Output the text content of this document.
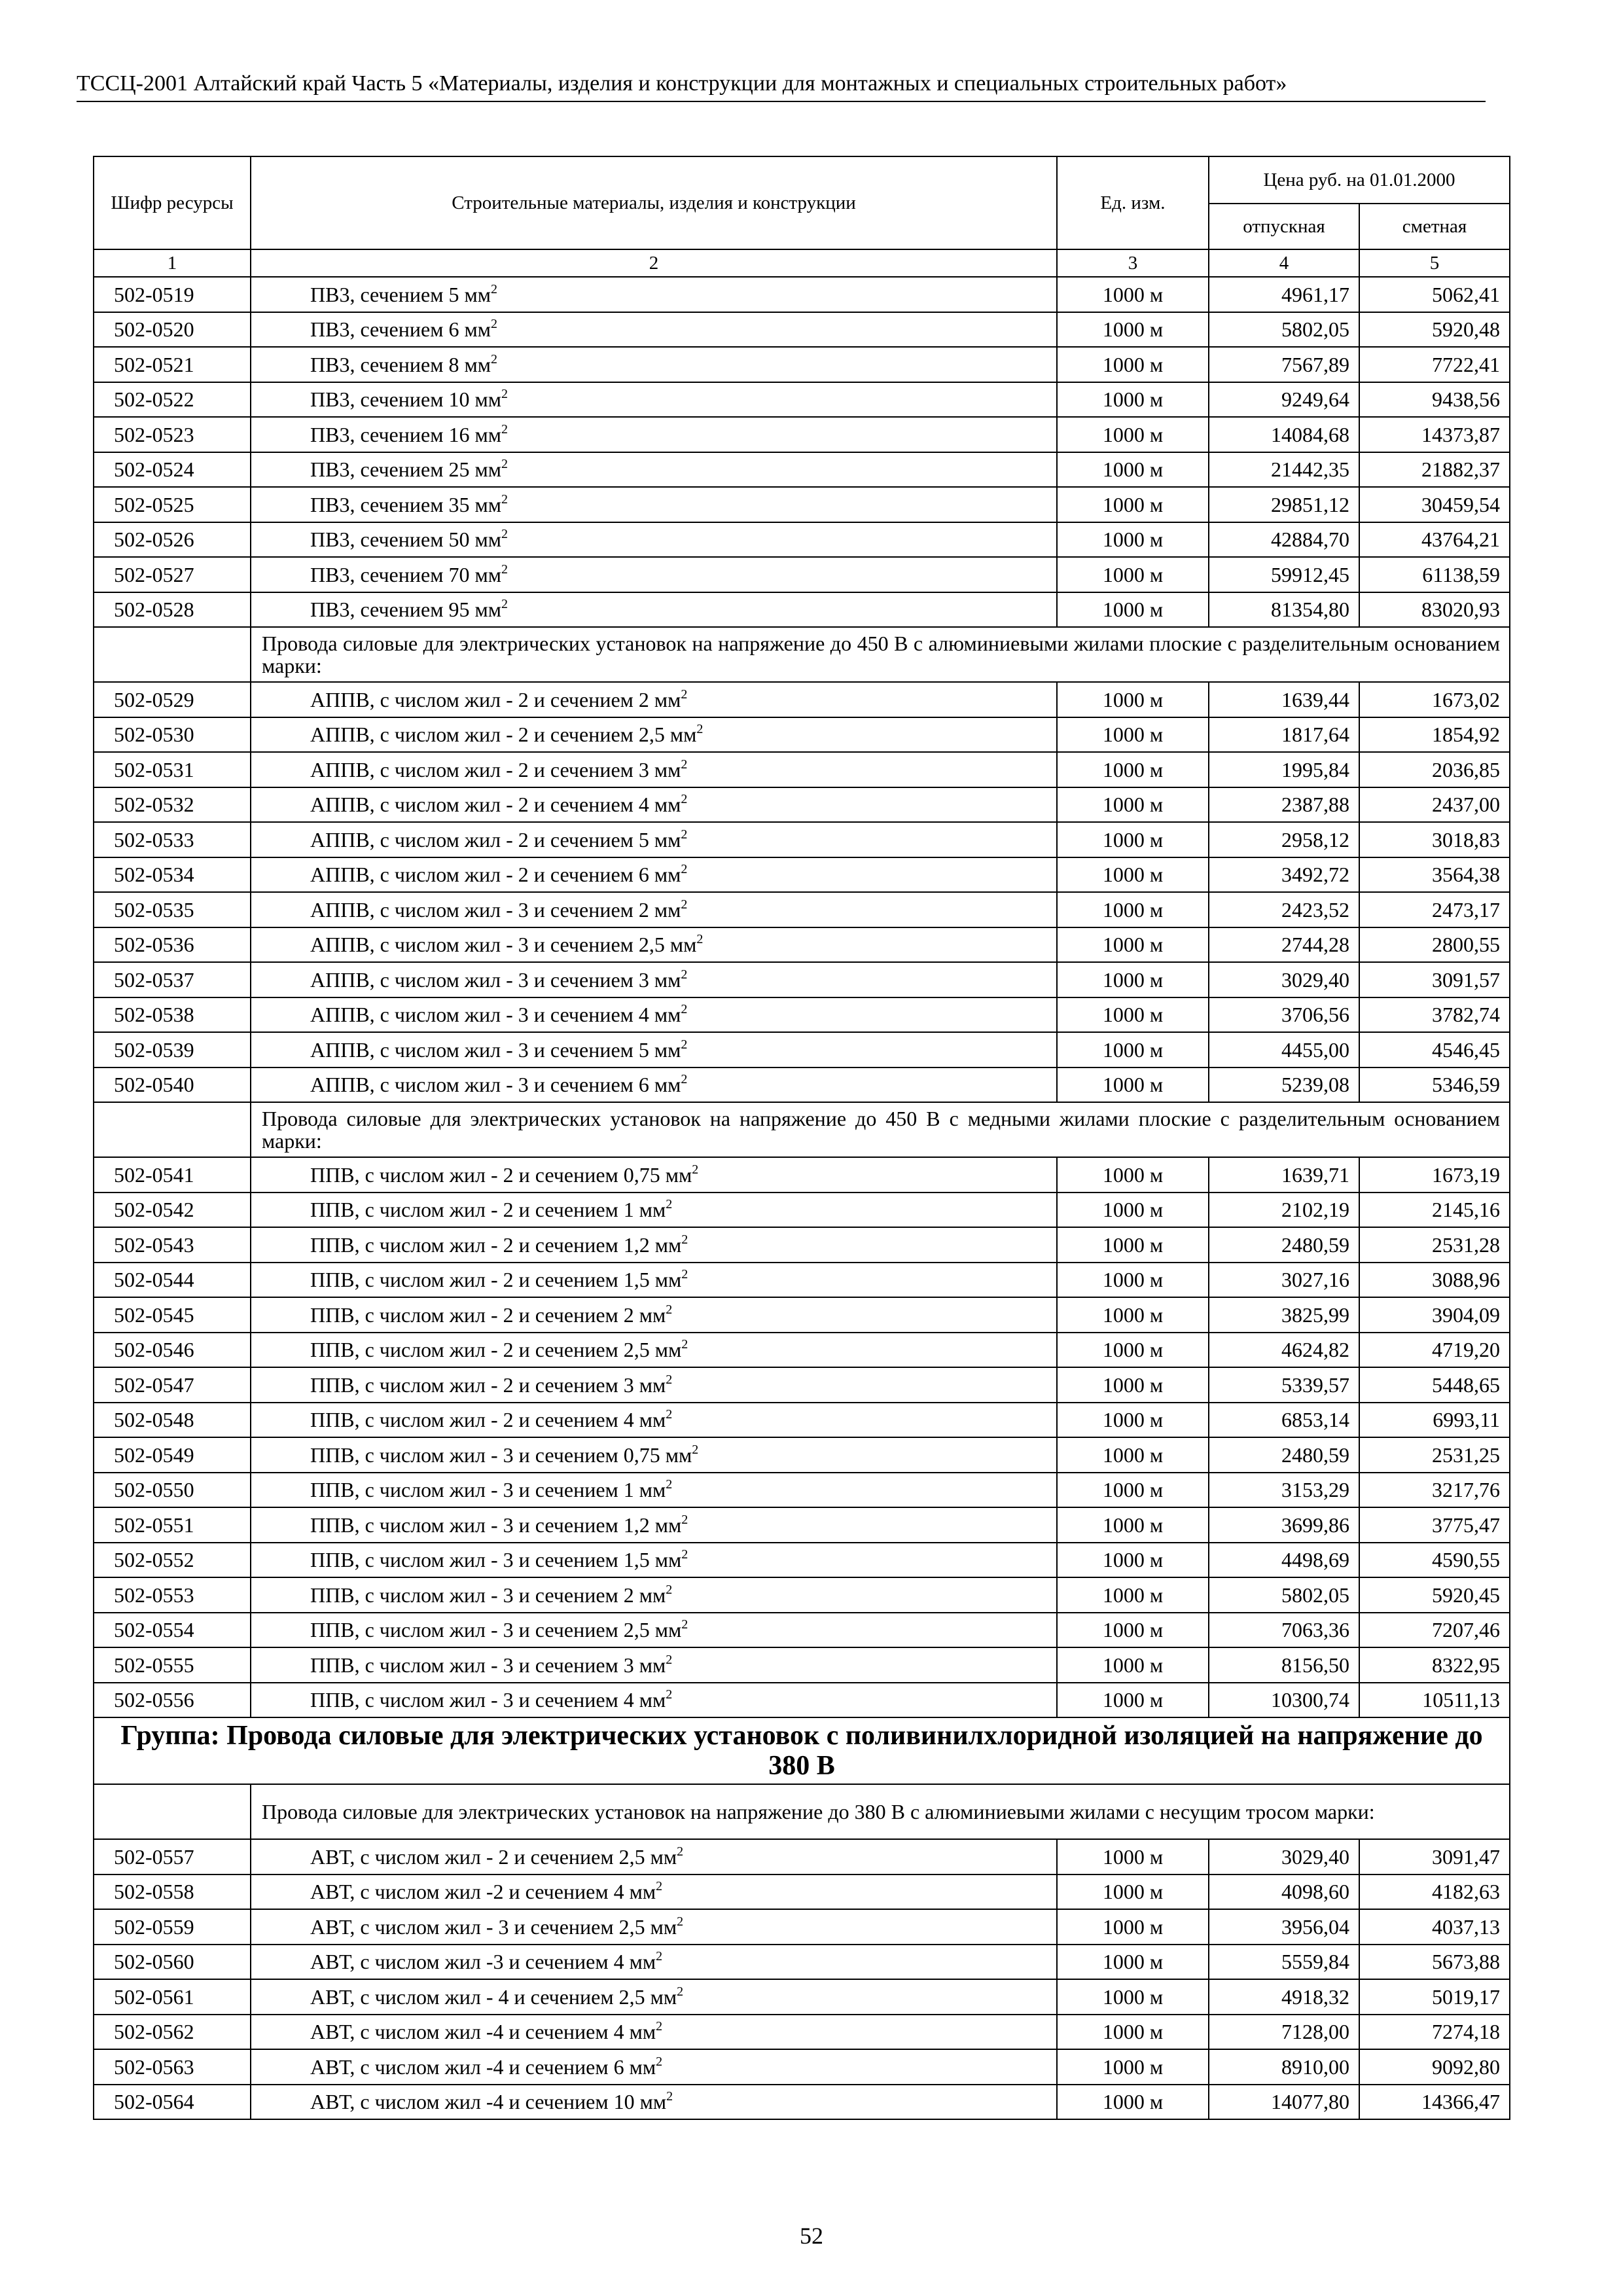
ТССЦ-2001 Алтайский край Часть 5 «Материалы, изделия и конструкции для монтажных и специальных строительных работ»
Шифр ресурсы	Строительные материалы, изделия и конструкции	Ед. изм.	Цена руб. на 01.01.2000	
			отпускная	сметная
1	2	3	4	5
502-0519	ПВ3, сечением 5 $мм^2$	1000 м	4961,17	5062,41
502-0520	ПВ3, сечением 6 $мм^2$	1000 м	5802,05	5920,48
502-0521	ПВ3, сечением 8 $мм^2$	1000 м	7567,89	7722,41
502-0522	ПВ3, сечением 10 $мм^2$	1000 м	9249,64	9438,56
502-0523	ПВ3, сечением 16 $мм^2$	1000 м	14084,68	14373,87
502-0524	ПВ3, сечением 25 $мм^2$	1000 м	21442,35	21882,37
502-0525	ПВ3, сечением 35 $мм^2$	1000 м	29851,12	30459,54
502-0526	ПВ3, сечением 50 $мм^2$	1000 м	42884,70	43764,21
502-0527	ПВ3, сечением 70 $мм^2$	1000 м	59912,45	61138,59
502-0528	ПВ3, сечением 95 $мм^2$	1000 м	81354,80	83020,93
	Провода силовые для электрических установок на напряжение до 450 В с алюминиевыми жилами плоские с разделительным основанием марки:			
502-0529	АППВ, с числом жил - 2 и сечением 2 $мм^2$	1000 м	1639,44	1673,02
502-0530	АППВ, с числом жил - 2 и сечением 2,5 $мм^2$	1000 м	1817,64	1854,92
502-0531	АППВ, с числом жил - 2 и сечением 3 $мм^2$	1000 м	1995,84	2036,85
502-0532	АППВ, с числом жил - 2 и сечением 4 $мм^2$	1000 м	2387,88	2437,00
502-0533	АППВ, с числом жил - 2 и сечением 5 $мм^2$	1000 м	2958,12	3018,83
502-0534	АППВ, с числом жил - 2 и сечением 6 $мм^2$	1000 м	3492,72	3564,38
502-0535	АППВ, с числом жил - 3 и сечением 2 $мм^2$	1000 м	2423,52	2473,17
502-0536	АППВ, с числом жил - 3 и сечением 2,5 $мм^2$	1000 м	2744,28	2800,55
502-0537	АППВ, с числом жил - 3 и сечением 3 $мм^2$	1000 м	3029,40	3091,57
502-0538	АППВ, с числом жил - 3 и сечением 4 $мм^2$	1000 м	3706,56	3782,74
502-0539	АППВ, с числом жил - 3 и сечением 5 $мм^2$	1000 м	4455,00	4546,45
502-0540	АППВ, с числом жил - 3 и сечением 6 $мм^2$	1000 м	5239,08	5346,59
	Провода силовые для электрических установок на напряжение до 450 В с медными жилами плоские с разделительным основанием марки:			
502-0541	ППВ, с числом жил - 2 и сечением 0,75 $мм^2$	1000 м	1639,71	1673,19
502-0542	ППВ, с числом жил - 2 и сечением 1 $мм^2$	1000 м	2102,19	2145,16
502-0543	ППВ, с числом жил - 2 и сечением 1,2 $мм^2$	1000 м	2480,59	2531,28
502-0544	ППВ, с числом жил - 2 и сечением 1,5 $мм^2$	1000 м	3027,16	3088,96
502-0545	ППВ, с числом жил - 2 и сечением 2 $мм^2$	1000 м	3825,99	3904,09
502-0546	ППВ, с числом жил - 2 и сечением 2,5 $мм^2$	1000 м	4624,82	4719,20
502-0547	ППВ, с числом жил - 2 и сечением 3 $мм^2$	1000 м	5339,57	5448,65
502-0548	ППВ, с числом жил - 2 и сечением 4 $мм^2$	1000 м	6853,14	6993,11
502-0549	ППВ, с числом жил - 3 и сечением 0,75 $мм^2$	1000 м	2480,59	2531,25
502-0550	ППВ, с числом жил - 3 и сечением 1 $мм^2$	1000 м	3153,29	3217,76
502-0551	ППВ, с числом жил - 3 и сечением 1,2 $мм^2$	1000 м	3699,86	3775,47
502-0552	ППВ, с числом жил - 3 и сечением 1,5 $мм^2$	1000 м	4498,69	4590,55
502-0553	ППВ, с числом жил - 3 и сечением 2 $мм^2$	1000 м	5802,05	5920,45
502-0554	ППВ, с числом жил - 3 и сечением 2,5 $мм^2$	1000 м	7063,36	7207,46
502-0555	ППВ, с числом жил - 3 и сечением 3 $мм^2$	1000 м	8156,50	8322,95
502-0556	ППВ, с числом жил - 3 и сечением 4 $мм^2$	1000 м	10300,74	10511,13
Группа: Провода силовые для электрических установок с поливинилхлоридной изоляцией на напряжение до 380 В				
	Провода силовые для электрических установок на напряжение до 380 В с алюминиевыми жилами с несущим тросом марки:			
502-0557	АВТ, с числом жил - 2 и сечением 2,5 $мм^2$	1000 м	3029,40	3091,47
502-0558	АВТ, с числом жил -2 и сечением 4 $мм^2$	1000 м	4098,60	4182,63
502-0559	АВТ, с числом жил - 3 и сечением 2,5 $мм^2$	1000 м	3956,04	4037,13
502-0560	АВТ, с числом жил -3 и сечением 4 $мм^2$	1000 м	5559,84	5673,88
502-0561	АВТ, с числом жил - 4 и сечением 2,5 $мм^2$	1000 м	4918,32	5019,17
502-0562	АВТ, с числом жил -4 и сечением 4 $мм^2$	1000 м	7128,00	7274,18
502-0563	АВТ, с числом жил -4 и сечением 6 $мм^2$	1000 м	8910,00	9092,80
502-0564	АВТ, с числом жил -4 и сечением 10 $мм^2$	1000 м	14077,80	14366,47
52
